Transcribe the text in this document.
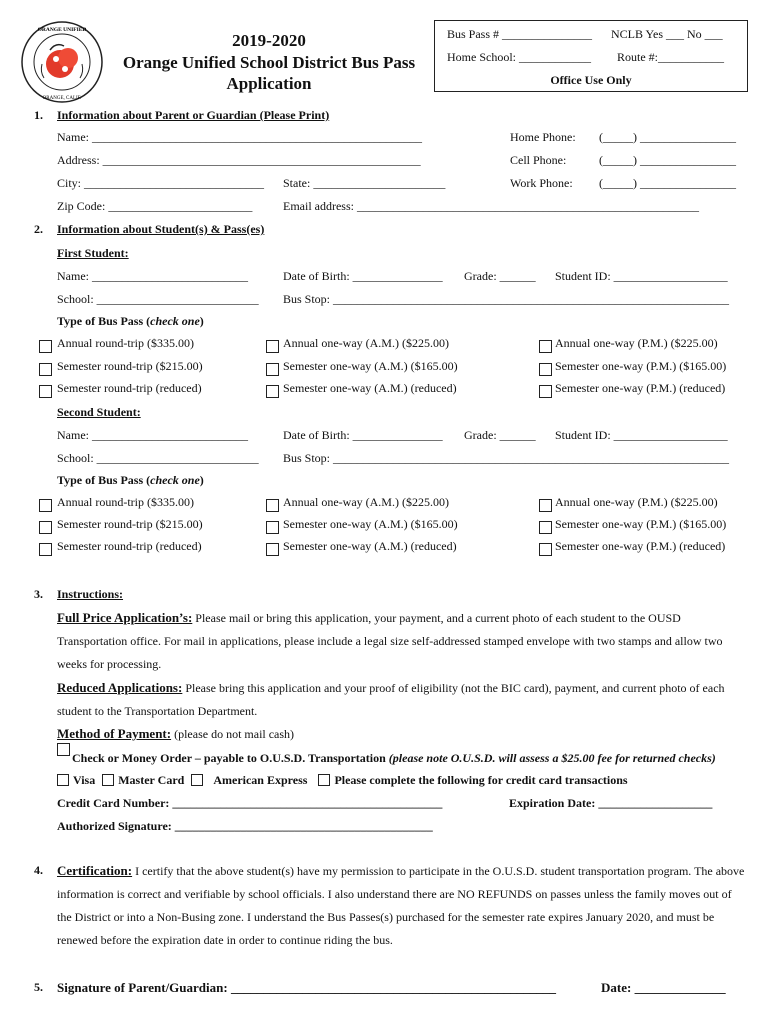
ORANGE UNIFIED
ORANGE, CALIF.
2019-2020
Orange Unified School District Bus Pass
Application
Bus Pass # _______________ NCLB Yes ___ No ___
Home School: ____________ Route #:___________
Office Use Only
1. Information about Parent or Guardian (Please Print)
Name: _______________________________________________________	Home Phone: (_____) ________________
Address: _____________________________________________________	Cell Phone:	(_____) ________________
City: ______________________________ State: ______________________	Work Phone: (_____) ________________
Zip Code: ________________________	Email address: _________________________________________________________
2. Information about Student(s) & Pass(es)
First Student:
Name: __________________________	Date of Birth: _______________ Grade: ______ Student ID: ___________________
School: ___________________________ Bus Stop: __________________________________________________________________
Type of Bus Pass (check one)
Annual round-trip ($335.00)	Annual one-way (A.M.) ($225.00)	Annual one-way (P.M.) ($225.00)
Semester round-trip ($215.00)	Semester one-way (A.M.) ($165.00)	Semester one-way (P.M.) ($165.00)
Semester round-trip (reduced)	Semester one-way (A.M.) (reduced)	Semester one-way (P.M.) (reduced)
Second Student:
Name: __________________________	Date of Birth: _______________ Grade: ______ Student ID: ___________________
School: ___________________________ Bus Stop: __________________________________________________________________
Type of Bus Pass (check one)
Annual round-trip ($335.00)	Annual one-way (A.M.) ($225.00)	Annual one-way (P.M.) ($225.00)
Semester round-trip ($215.00)	Semester one-way (A.M.) ($165.00)	Semester one-way (P.M.) ($165.00)
Semester round-trip (reduced)	Semester one-way (A.M.) (reduced)	Semester one-way (P.M.) (reduced)
3. Instructions:
Full Price Application’s: Please mail or bring this application, your payment, and a current photo of each student to the OUSD Transportation office. For mail in applications, please include a legal size self-addressed stamped envelope with two stamps and allow two weeks for processing.
Reduced Applications: Please bring this application and your proof of eligibility (not the BIC card), payment, and current photo of each student to the Transportation Department.
Method of Payment: (please do not mail cash)
Check or Money Order – payable to O.U.S.D. Transportation (please note O.U.S.D. will assess a $25.00 fee for returned checks)
Visa Master Card American Express Please complete the following for credit card transactions
Credit Card Number: _____________________________________________	Expiration Date: ___________________
Authorized Signature: ___________________________________________
4. Certification: I certify that the above student(s) have my permission to participate in the O.U.S.D. student transportation program. The above information is correct and verifiable by school officials. I also understand there are NO REFUNDS on passes unless the family moves out of the District or into a Non-Busing zone. I understand the Bus Passes(s) purchased for the semester rate expires January 2020, and must be renewed before the expiration date in order to continue riding the bus.
5. Signature of Parent/Guardian: __________________________________________________	Date: ______________
